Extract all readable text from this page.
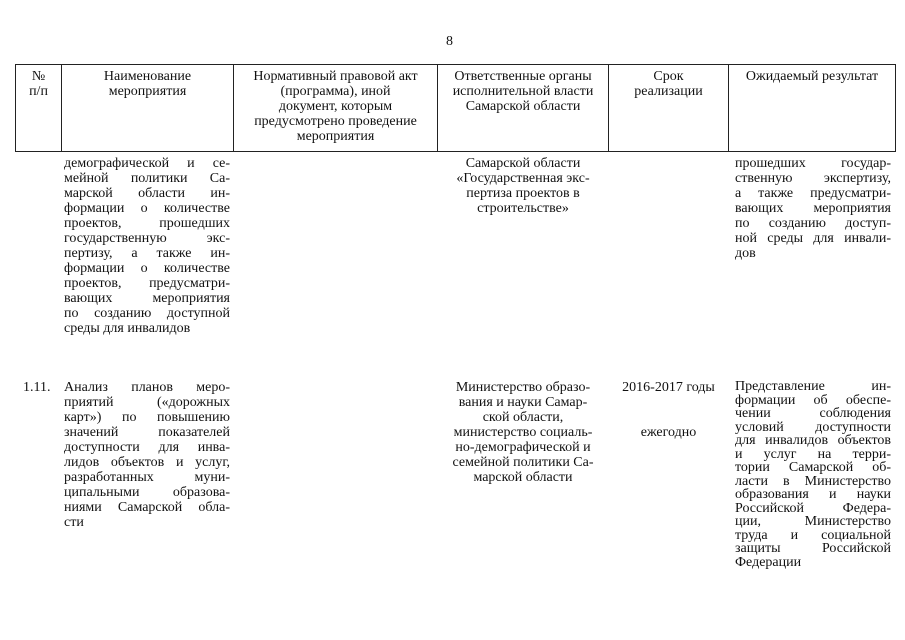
8
№
п/п
Наименование
мероприятия
Нормативный правовой акт
(программа), иной
документ, которым
предусмотрено проведение
мероприятия
Ответственные органы
исполнительной власти
Самарской области
Срок
реализации
Ожидаемый результат
демографической и се-
мейной политики Са-
марской области ин-
формации о количестве
проектов, прошедших
государственную экс-
пертизу, а также ин-
формации о количестве
проектов, предусматри-
вающих мероприятия
по созданию доступной
среды для инвалидов
Самарской области
«Государственная экс-
пертиза проектов в
строительстве»
прошедших государ-
ственную экспертизу,
а также предусматри-
вающих мероприятия
по созданию доступ-
ной среды для инвали-
дов
1.11. Анализ планов меро-
приятий («дорожных
карт») по повышению
значений показателей
доступности для инва-
лидов объектов и услуг,
разработанных муни-
ципальными образова-
ниями Самарской обла-
сти
Министерство образо-
вания и науки Самар-
ской области,
министерство социаль-
но-демографической и
семейной политики Са-
марской области
2016-2017 годы

ежегодно
Представление ин-
формации об обеспе-
чении соблюдения
условий доступности
для инвалидов объектов
и услуг на терри-
тории Самарской об-
ласти в Министерство
образования и науки
Российской Федера-
ции, Министерство
труда и социальной
защиты Российской
Федерации
